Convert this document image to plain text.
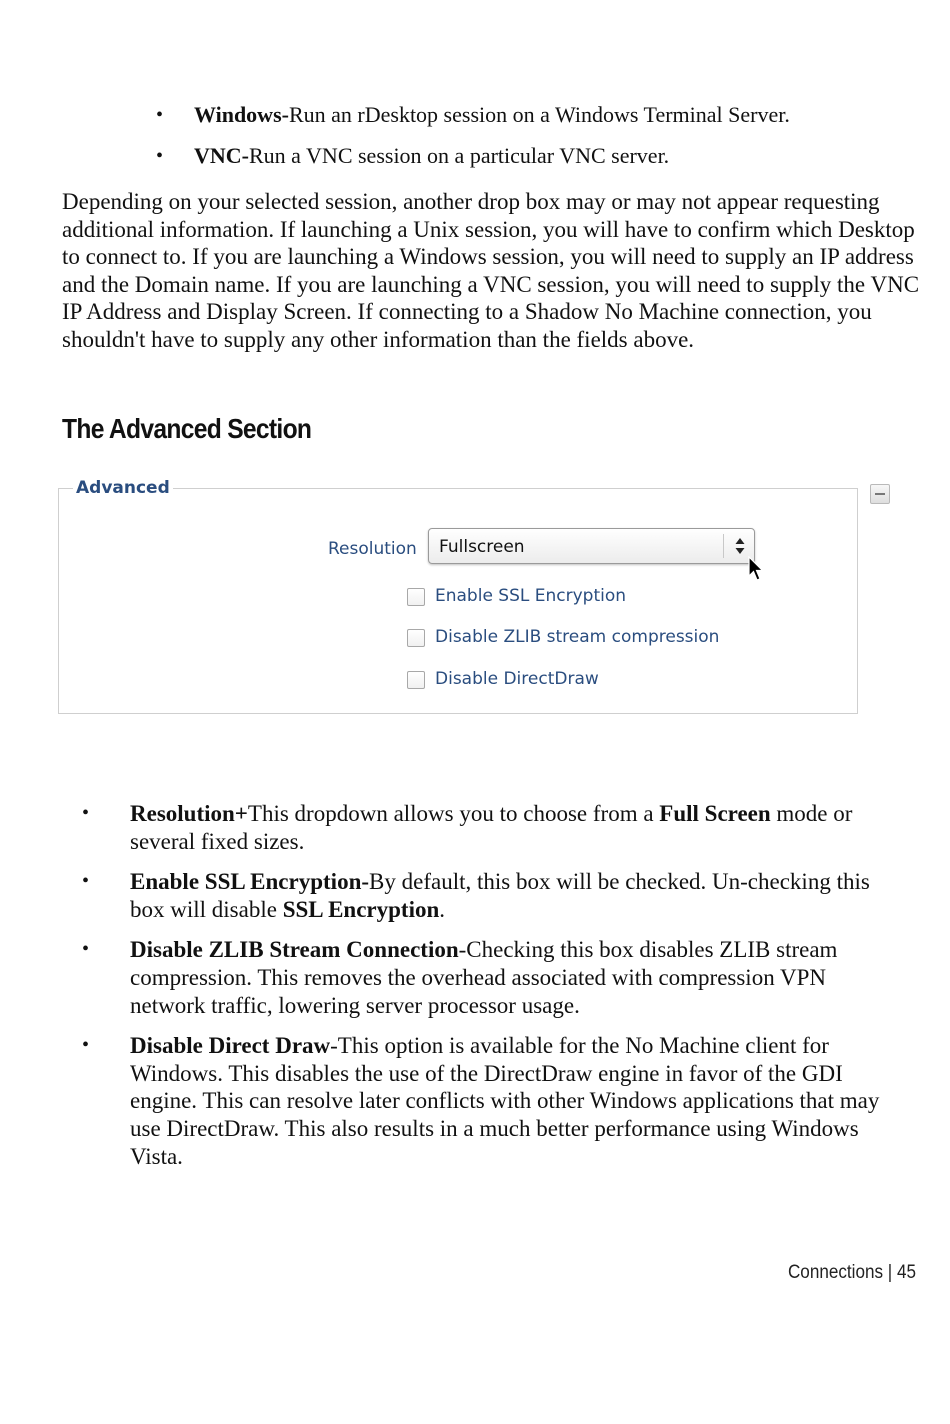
• Windows-Run an rDesktop session on a Windows Terminal Server.
• VNC-Run a VNC session on a particular VNC server.

Depending on your selected session, another drop box may or may not appear requesting additional information. If launching a Unix session, you will have to confirm which Desktop to connect to. If you are launching a Windows session, you will need to supply an IP address and the Domain name. If you are launching a VNC session, you will need to supply the VNC IP Address and Display Screen. If connecting to a Shadow No Machine connection, you shouldn't have to supply any other information than the fields above.

The Advanced Section
Advanced
Resolution Fullscreen
Enable SSL Encryption
Disable ZLIB stream compression
Disable DirectDraw
• Resolution+This dropdown allows you to choose from a Full Screen mode or several fixed sizes.
• Enable SSL Encryption-By default, this box will be checked. Un-checking this box will disable SSL Encryption.
• Disable ZLIB Stream Connection-Checking this box disables ZLIB stream compression. This removes the overhead associated with compression VPN network traffic, lowering server processor usage.
• Disable Direct Draw-This option is available for the No Machine client for Windows. This disables the use of the DirectDraw engine in favor of the GDI engine. This can resolve later conflicts with other Windows applications that may use DirectDraw. This also results in a much better performance using Windows Vista.
Connections | 45
